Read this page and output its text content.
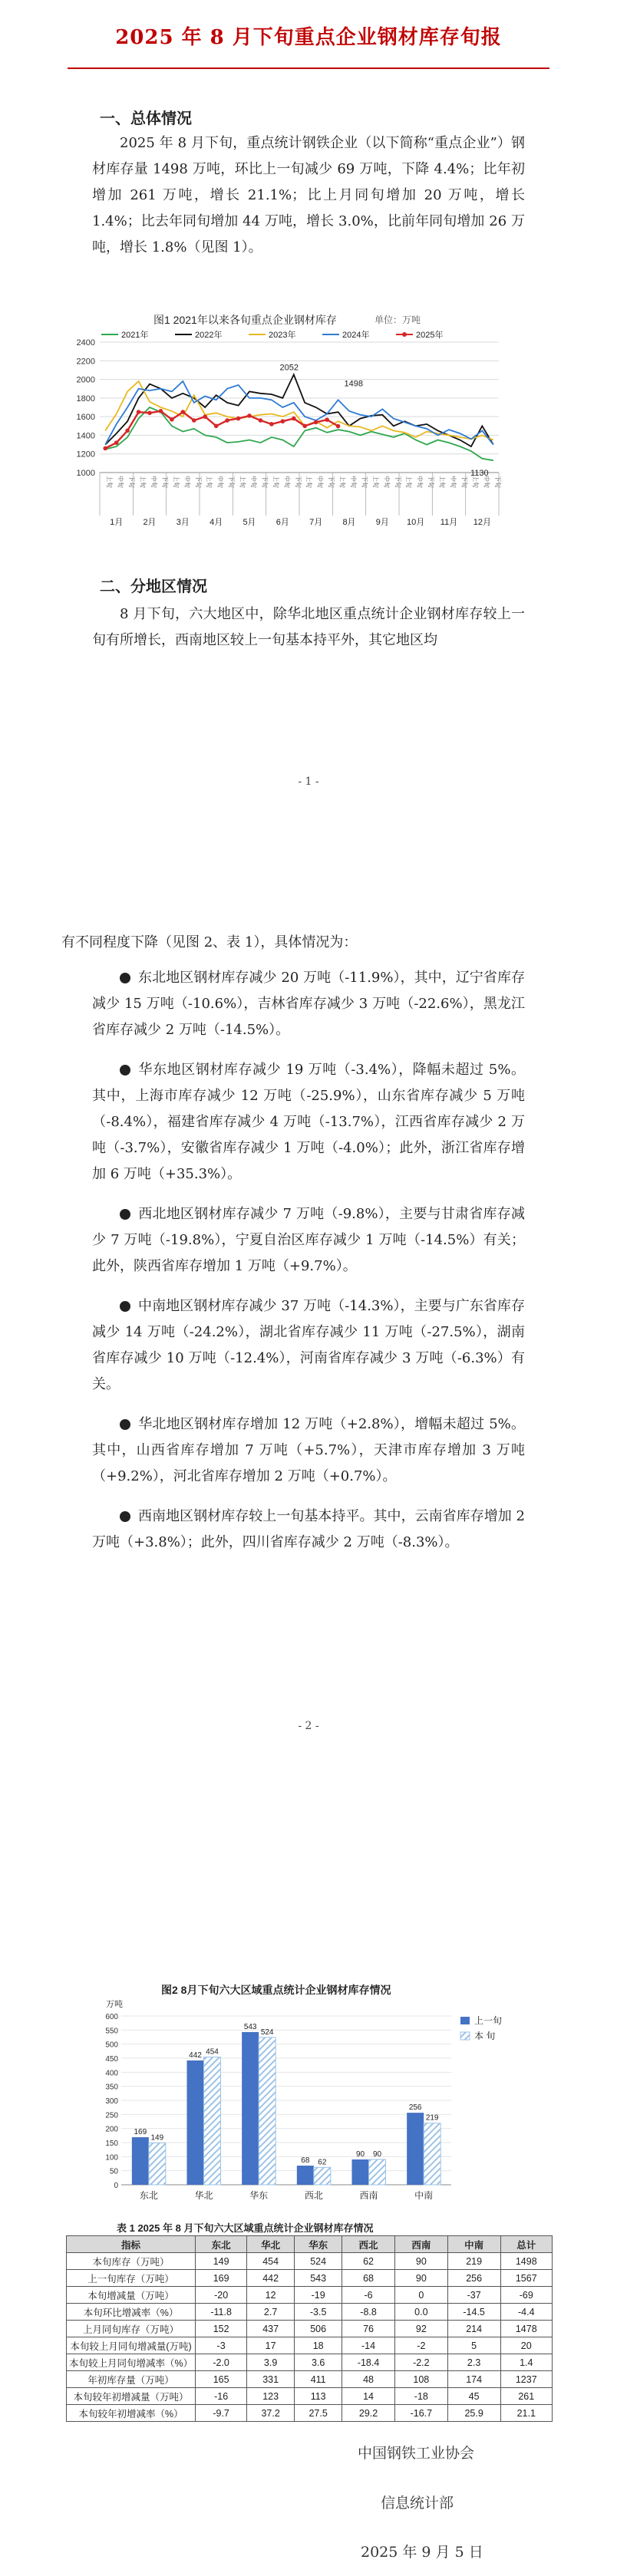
2025 年 8 月下旬重点企业钢材库存旬报
一、总体情况

2025 年 8 月下旬，重点统计钢铁企业（以下简称“重点企业”）钢材库存量 1498 万吨，环比上一旬减少 69 万吨，下降 4.4%；比年初增加 261 万吨，增长 21.1%；比上月同旬增加 20 万吨，增长 1.4%；比去年同旬增加 44 万吨，增长 3.0%，比前年同旬增加 26 万吨，增长 1.8%（见图 1）。

图1 2021年以来各旬重点企业钢材库存	单位：万吨
2021年	2022年	2023年	2024年	2025年
1000
1200
1400
1600
1800
2000
2200
2400
上旬 中旬 下旬 上旬 中旬 下旬 上旬 中旬 下旬 上旬 中旬 下旬 上旬 中旬 下旬 上旬 中旬 下旬 上旬 中旬 下旬 上旬 中旬 下旬 上旬 中旬 下旬 上旬 中旬 下旬 上旬 中旬 下旬 上旬 中旬 下旬
1月 2月 3月 4月 5月 6月 7月 8月 9月 10月 11月 12月
2052
1498
1130
二、分地区情况

8 月下旬，六大地区中，除华北地区重点统计企业钢材库存较上一旬有所增长，西南地区较上一旬基本持平外，其它地区均

- 1 -

有不同程度下降（见图 2、表 1），具体情况为：

东北地区钢材库存减少 20 万吨（-11.9%），其中，辽宁省库存减少 15 万吨（-10.6%），吉林省库存减少 3 万吨（-22.6%），黑龙江省库存减少 2 万吨（-14.5%）。

华东地区钢材库存减少 19 万吨（-3.4%），降幅未超过 5%。其中，上海市库存减少 12 万吨（-25.9%），山东省库存减少 5 万吨（-8.4%），福建省库存减少 4 万吨（-13.7%），江西省库存减少 2 万吨（-3.7%），安徽省库存减少 1 万吨（-4.0%）；此外，浙江省库存增加 6 万吨（+35.3%）。

西北地区钢材库存减少 7 万吨（-9.8%），主要与甘肃省库存减少 7 万吨（-19.8%），宁夏自治区库存减少 1 万吨（-14.5%）有关；此外，陕西省库存增加 1 万吨（+9.7%）。

中南地区钢材库存减少 37 万吨（-14.3%），主要与广东省库存减少 14 万吨（-24.2%），湖北省库存减少 11 万吨（-27.5%），湖南省库存减少 10 万吨（-12.4%），河南省库存减少 3 万吨（-6.3%）有关。

华北地区钢材库存增加 12 万吨（+2.8%），增幅未超过 5%。其中，山西省库存增加 7 万吨（+5.7%），天津市库存增加 3 万吨（+9.2%），河北省库存增加 2 万吨（+0.7%）。

西南地区钢材库存较上一旬基本持平。其中，云南省库存增加 2 万吨（+3.8%）；此外，四川省库存减少 2 万吨（-8.3%）。

- 2 -
图2 8月下旬六大区域重点统计企业钢材库存情况
万吨
0
50
100
150
200
250
300
350
400
450
500
550
600
169
149
东北
442 454
华北
543
524
华东
68 62
西北
90 90
西南
256
219
中南
上一旬
本 旬
表 1 2025 年 8 月下旬六大区域重点统计企业钢材库存情况
指标	东北	华北	华东	西北	西南	中南	总计
本旬库存（万吨）	149	454	524	62	90	219	1498
上一旬库存（万吨）	169	442	543	68	90	256	1567
本旬增减量（万吨）	-20	12	-19	-6	0	-37	-69
本旬环比增减率（%）	-11.8	2.7	-3.5	-8.8	0.0	-14.5	-4.4
上月同旬库存（万吨）	152	437	506	76	92	214	1478
本旬较上月同旬增减量(万吨)	-3	17	18	-14	-2	5	20
本旬较上月同旬增减率（%）	-2.0	3.9	3.6	-18.4	-2.2	2.3	1.4
年初库存量（万吨）	165	331	411	48	108	174	1237
本旬较年初增减量（万吨）	-16	123	113	14	-18	45	261
本旬较年初增减率（%）	-9.7	37.2	27.5	29.2	-16.7	25.9	21.1
中国钢铁工业协会
信息统计部
2025 年 9 月 5 日
